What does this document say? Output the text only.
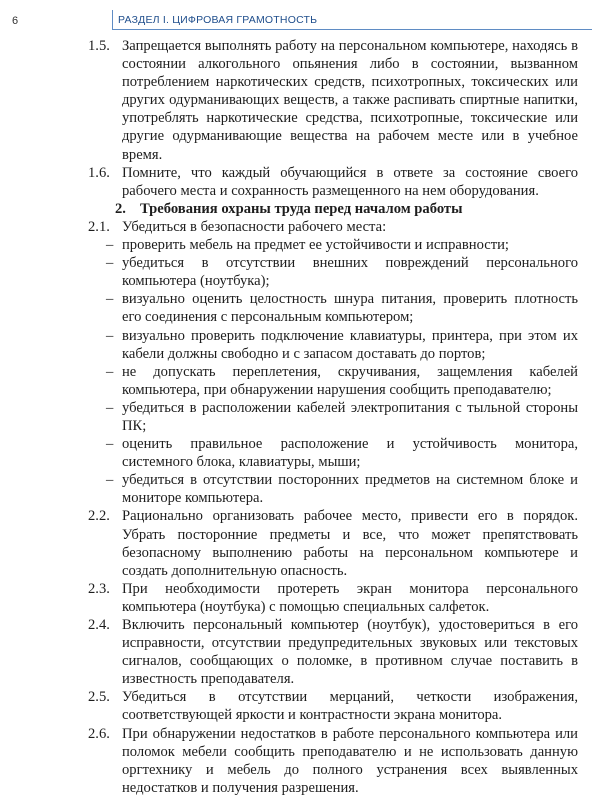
6	РАЗДЕЛ I. ЦИФРОВАЯ ГРАМОТНОСТЬ
1.5. Запрещается выполнять работу на персональном компьютере, находясь в состоянии алкогольного опьянения либо в состоянии, вызванном потреблением наркотических средств, психотропных, токсических или других одурманивающих веществ, а также распивать спиртные напитки, употреблять наркотические средства, психотропные, токсические или другие одурманивающие вещества на рабочем месте или в учебное время.
1.6. Помните, что каждый обучающийся в ответе за состояние своего рабочего места и сохранность размещенного на нем оборудования.
2. Требования охраны труда перед началом работы
2.1. Убедиться в безопасности рабочего места:
– проверить мебель на предмет ее устойчивости и исправности;
– убедиться в отсутствии внешних повреждений персонального компьютера (ноутбука);
– визуально оценить целостность шнура питания, проверить плотность его соединения с персональным компьютером;
– визуально проверить подключение клавиатуры, принтера, при этом их кабели должны свободно и с запасом доставать до портов;
– не допускать переплетения, скручивания, защемления кабелей компьютера, при обнаружении нарушения сообщить преподавателю;
– убедиться в расположении кабелей электропитания с тыльной стороны ПК;
– оценить правильное расположение и устойчивость монитора, системного блока, клавиатуры, мыши;
– убедиться в отсутствии посторонних предметов на системном блоке и мониторе компьютера.
2.2. Рационально организовать рабочее место, привести его в порядок. Убрать посторонние предметы и все, что может препятствовать безопасному выполнению работы на персональном компьютере и создать дополнительную опасность.
2.3. При необходимости протереть экран монитора персонального компьютера (ноутбука) с помощью специальных салфеток.
2.4. Включить персональный компьютер (ноутбук), удостовериться в его исправности, отсутствии предупредительных звуковых или текстовых сигналов, сообщающих о поломке, в противном случае поставить в известность преподавателя.
2.5. Убедиться в отсутствии мерцаний, четкости изображения, соответствующей яркости и контрастности экрана монитора.
2.6. При обнаружении недостатков в работе персонального компьютера или поломок мебели сообщить преподавателю и не использовать данную оргтехнику и мебель до полного устранения всех выявленных недостатков и получения разрешения.
